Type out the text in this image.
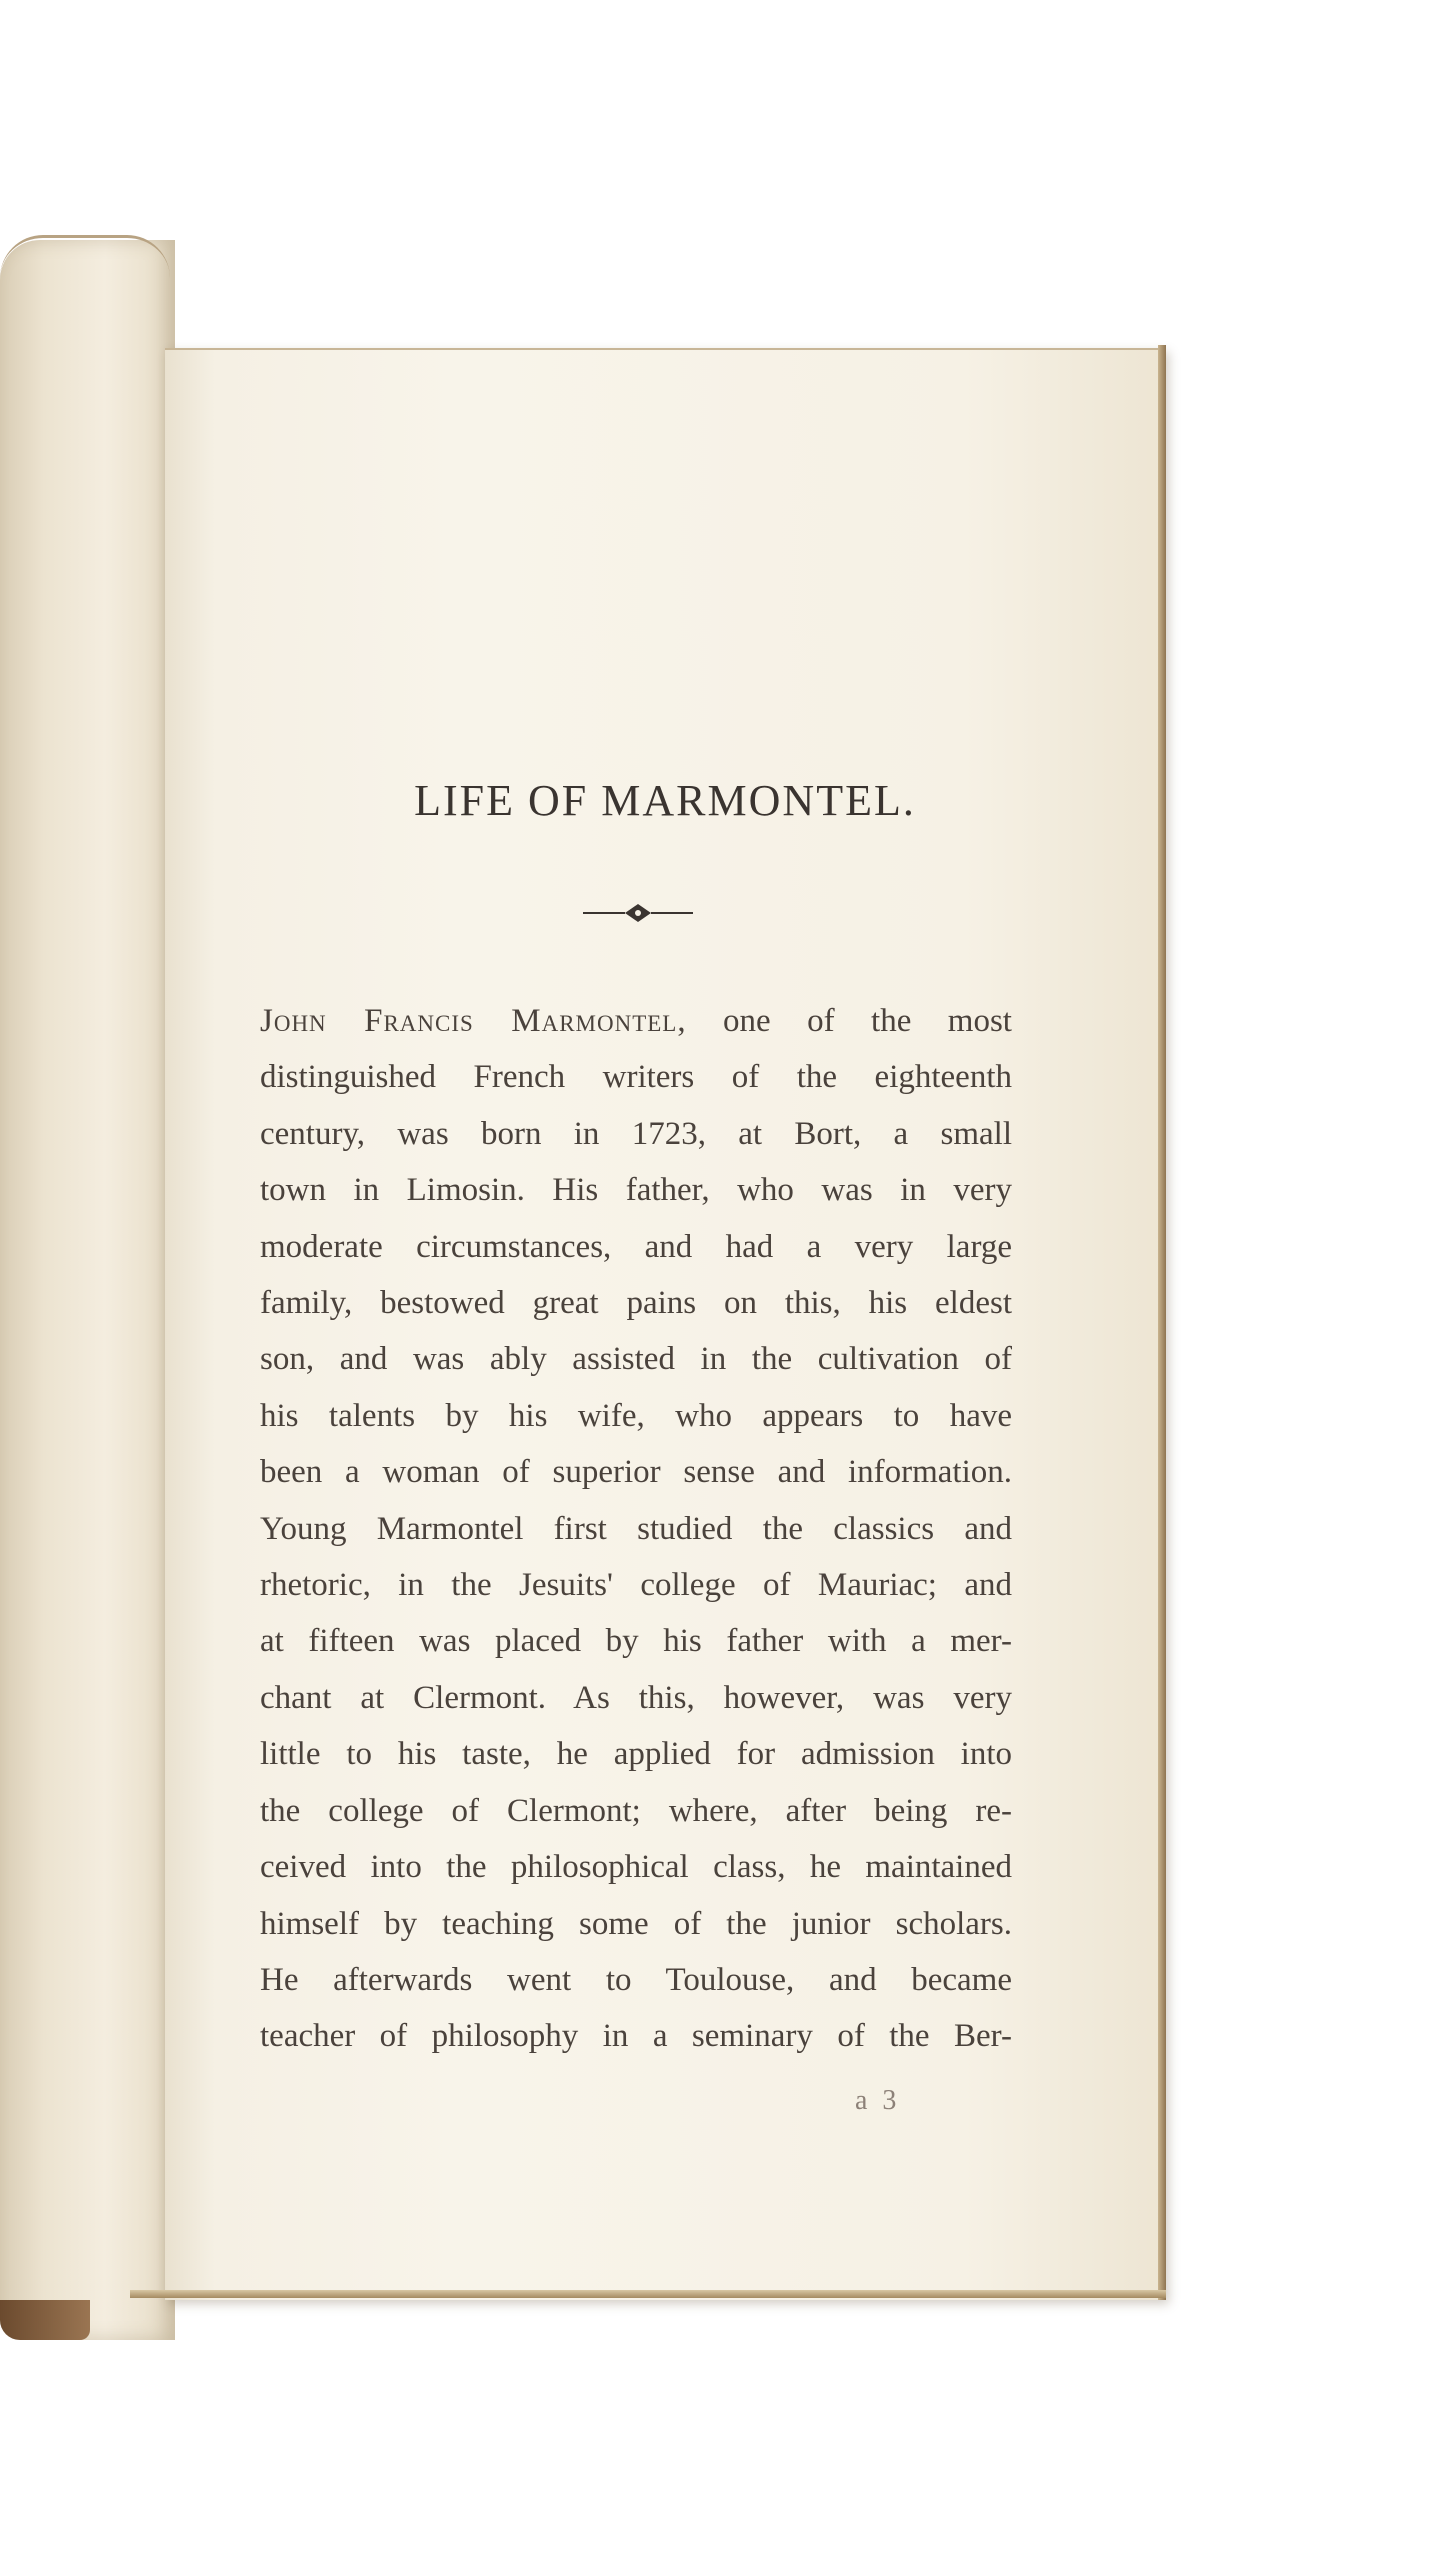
LIFE OF MARMONTEL.
John Francis Marmontel, one of the most
distinguished French writers of the eighteenth
century, was born in 1723, at Bort, a small
town in Limosin. His father, who was in very
moderate circumstances, and had a very large
family, bestowed great pains on this, his eldest
son, and was ably assisted in the cultivation of
his talents by his wife, who appears to have
been a woman of superior sense and information.
Young Marmontel first studied the classics and
rhetoric, in the Jesuits' college of Mauriac; and
at fifteen was placed by his father with a mer-
chant at Clermont. As this, however, was very
little to his taste, he applied for admission into
the college of Clermont; where, after being re-
ceived into the philosophical class, he maintained
himself by teaching some of the junior scholars.
He afterwards went to Toulouse, and became
teacher of philosophy in a seminary of the Ber-
a 3
